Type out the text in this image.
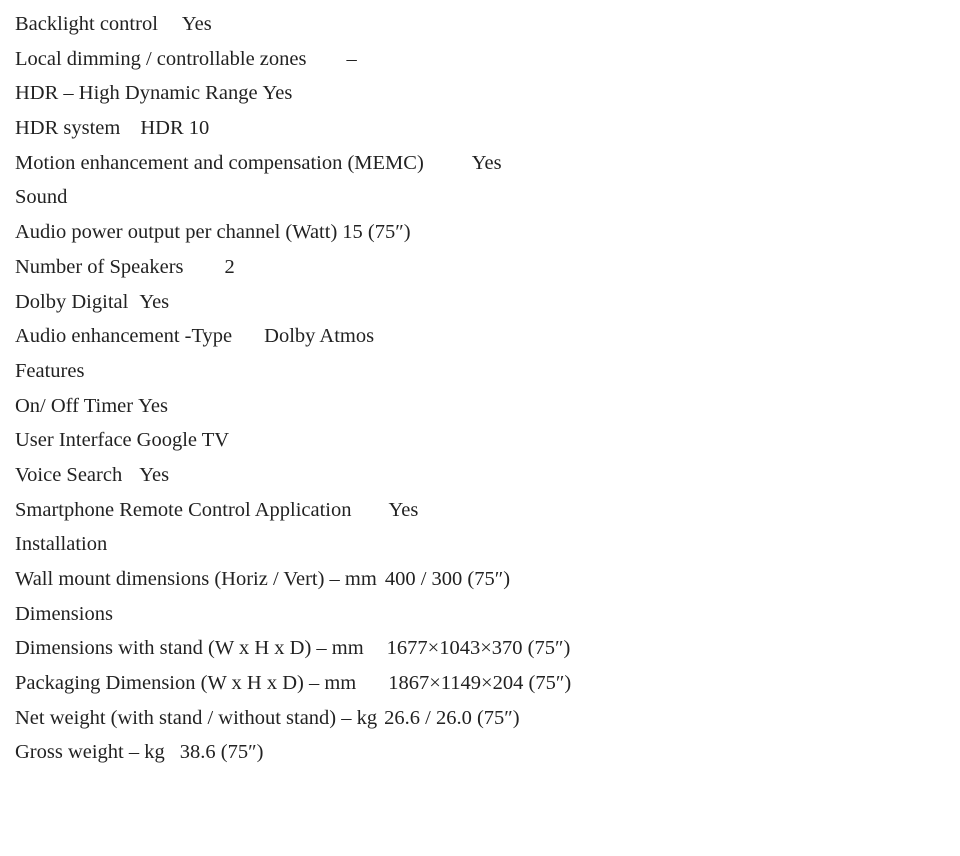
Backlight control Yes
Local dimming / controllable zones –
HDR – High Dynamic Range Yes
HDR system HDR 10
Motion enhancement and compensation (MEMC) Yes
Sound
Audio power output per channel (Watt) 15 (75″)
Number of Speakers 2
Dolby Digital Yes
Audio enhancement -Type Dolby Atmos
Features
On/ Off Timer Yes
User Interface Google TV
Voice Search Yes
Smartphone Remote Control Application Yes
Installation
Wall mount dimensions (Horiz / Vert) – mm 400 / 300 (75″)
Dimensions
Dimensions with stand (W x H x D) – mm 1677×1043×370 (75″)
Packaging Dimension (W x H x D) – mm 1867×1149×204 (75″)
Net weight (with stand / without stand) – kg 26.6 / 26.0 (75″)
Gross weight – kg 38.6 (75″)
